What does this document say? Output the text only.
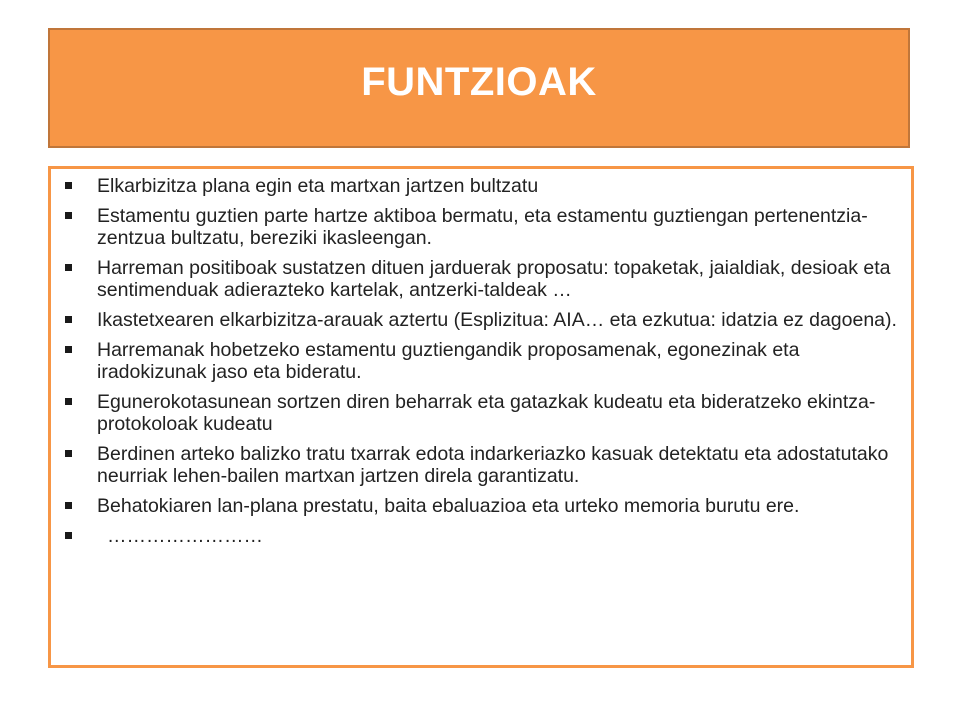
FUNTZIOAK
Elkarbizitza plana egin eta martxan jartzen bultzatu
Estamentu guztien parte hartze aktiboa bermatu, eta estamentu guztiengan pertenentzia-zentzua bultzatu, bereziki ikasleengan.
Harreman positiboak sustatzen dituen jarduerak proposatu: topaketak, jaialdiak, desioak eta sentimenduak adierazteko kartelak, antzerki-taldeak …
Ikastetxearen elkarbizitza-arauak aztertu (Esplizitua: AIA… eta ezkutua: idatzia ez dagoena).
Harremanak hobetzeko estamentu guztiengandik proposamenak, egonezinak eta iradokizunak jaso eta bideratu.
Egunerokotasunean sortzen diren beharrak eta gatazkak kudeatu eta bideratzeko ekintza-protokoloak kudeatu
Berdinen arteko balizko tratu txarrak edota indarkeriazko kasuak detektatu eta adostatutako neurriak lehen-bailen martxan jartzen direla garantizatu.
Behatokiaren lan-plana prestatu, baita ebaluazioa eta urteko memoria burutu ere.
……………………
